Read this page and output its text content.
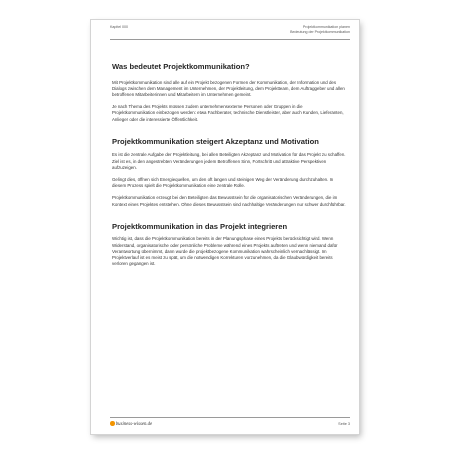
Kapitel 000	Projektkommunikation planen
Bedeutung der Projektkommunikation
Was bedeutet Projektkommunikation?

Mit Projektkommunikation sind alle auf ein Projekt bezogenen Formen der Kommunikation, der Information und des Dialogs zwischen dem Management im Unternehmen, der Projektleitung, dem Projektteam, dem Auftraggeber und allen betroffenen Mitarbeiterinnen und Mitarbeitern im Unternehmen gemeint.

Je nach Thema des Projekts müssen zudem unternehmensexterne Personen oder Gruppen in die Projektkommunikation einbezogen werden: etwa Fachberater, technische Dienstleister, aber auch Kunden, Lieferanten, Anlieger oder die interessierte Öffentlichkeit.

Projektkommunikation steigert Akzeptanz und Motivation

Es ist die zentrale Aufgabe der Projektleitung, bei allen Beteiligten Akzeptanz und Motivation für das Projekt zu schaffen. Ziel ist es, in den angestrebten Veränderungen jedem Betroffenen Sinn, Fortschritt und attraktive Perspektiven aufzuzeigen.

Gelingt dies, öffnen sich Energiequellen, um den oft langen und steinigen Weg der Veränderung durchzuhalten. In diesem Prozess spielt die Projektkommunikation eine zentrale Rolle.

Projektkommunikation erzeugt bei den Beteiligten das Bewusstsein für die organisatorischen Veränderungen, die im Kontext eines Projektes entstehen. Ohne dieses Bewusstsein sind nachhaltige Veränderungen nur schwer durchführbar.

Projektkommunikation in das Projekt integrieren

Wichtig ist, dass die Projektkommunikation bereits in der Planungsphase eines Projekts berücksichtigt wird. Wenn Widerstand, organisatorische oder persönliche Probleme während eines Projekts auftreten und wenn niemand dafür Verantwortung übernimmt, dann wurde die projektbezogene Kommunikation wahrscheinlich vernachlässigt. Im Projektverlauf ist es meist zu spät, um die notwendigen Korrekturen vorzunehmen, da die Glaubwürdigkeit bereits verloren gegangen ist.

business-wissen.de	Seite 3
